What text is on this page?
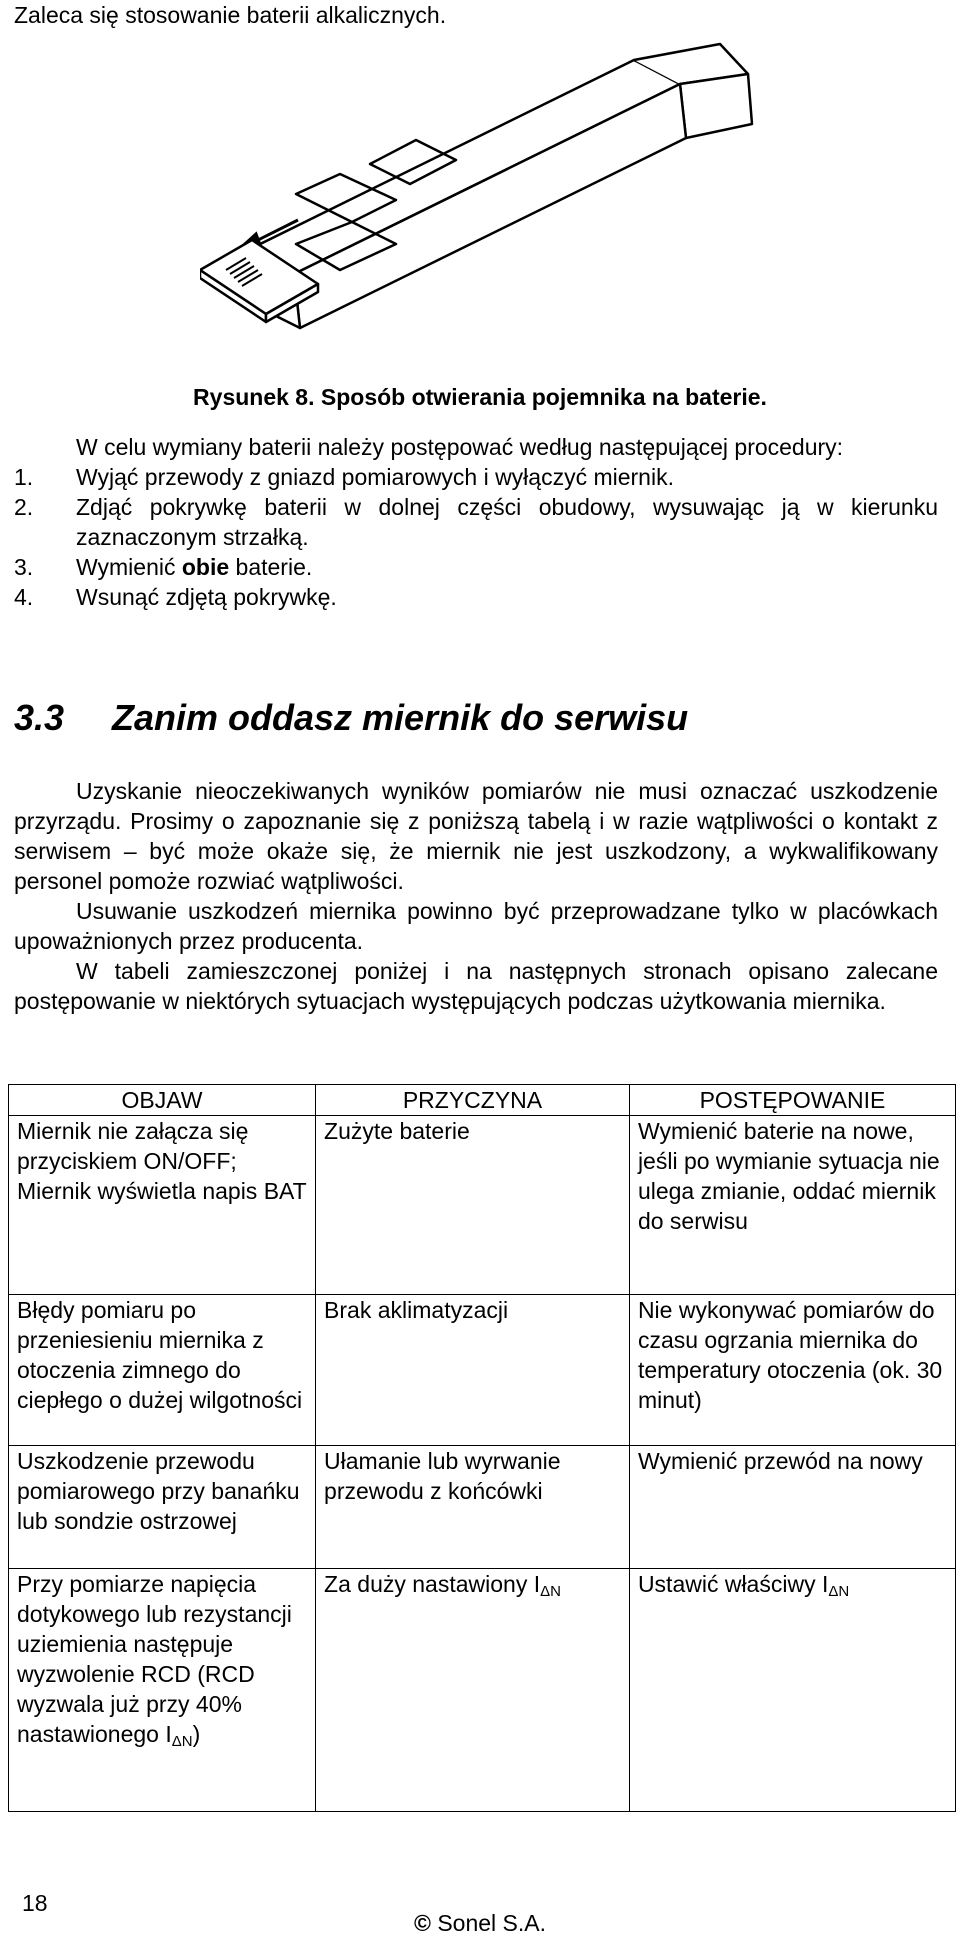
Zaleca się stosowanie baterii alkalicznych.
Rysunek 8. Sposób otwierania pojemnika na baterie.

W celu wymiany baterii należy postępować według następującej procedury:

1.	Wyjąć przewody z gniazd pomiarowych i wyłączyć miernik.
2.	Zdjąć pokrywkę baterii w dolnej części obudowy, wysuwając ją w kierunku zaznaczonym strzałką.
3.	Wymienić obie baterie.
4.	Wsunąć zdjętą pokrywkę.
3.3 Zanim oddasz miernik do serwisu

Uzyskanie nieoczekiwanych wyników pomiarów nie musi oznaczać uszkodzenie przyrządu. Prosimy o zapoznanie się z poniższą tabelą i w razie wątpliwości o kontakt z serwisem – być może okaże się, że miernik nie jest uszkodzony, a wykwalifikowany personel pomoże rozwiać wątpliwości.

Usuwanie uszkodzeń miernika powinno być przeprowadzane tylko w placówkach upoważnionych przez producenta.

W tabeli zamieszczonej poniżej i na następnych stronach opisano zalecane postępowanie w niektórych sytuacjach występujących podczas użytkowania miernika.

OBJAW	PRZYCZYNA	POSTĘPOWANIE
Miernik nie załącza się przyciskiem ON/OFF; Miernik wyświetla napis BAT	Zużyte baterie	Wymienić baterie na nowe, jeśli po wymianie sytuacja nie ulega zmianie, oddać miernik do serwisu
Błędy pomiaru po przeniesieniu miernika z otoczenia zimnego do ciepłego o dużej wilgotności	Brak aklimatyzacji	Nie wykonywać pomiarów do czasu ogrzania miernika do temperatury otoczenia (ok. 30 minut)
Uszkodzenie przewodu pomiarowego przy banańku lub sondzie ostrzowej	Ułamanie lub wyrwanie przewodu z końcówki	Wymienić przewód na nowy
Przy pomiarze napięcia dotykowego lub rezystancji uziemienia następuje wyzwolenie RCD (RCD wyzwala już przy 40% nastawionego $I_{\Delta N}$)	Za duży nastawiony $I_{\Delta N}$	Ustawić właściwy $I_{\Delta N}$
18
© Sonel S.A.
